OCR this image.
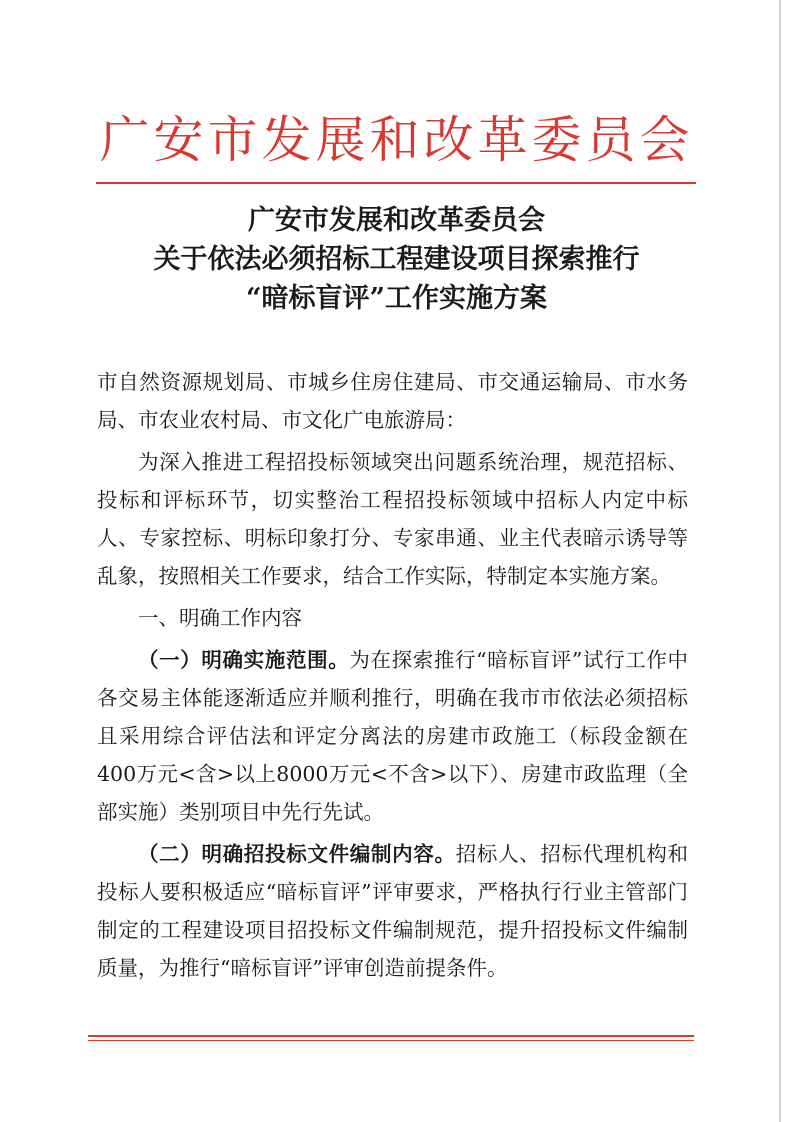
广安市发展和改革委员会
广安市发展和改革委员会
关于依法必须招标工程建设项目探索推行
“暗标盲评”工作实施方案

市自然资源规划局、市城乡住房住建局、市交通运输局、市水务局、市农业农村局、市文化广电旅游局：

为深入推进工程招投标领域突出问题系统治理，规范招标、投标和评标环节，切实整治工程招投标领域中招标人内定中标人、专家控标、明标印象打分、专家串通、业主代表暗示诱导等乱象，按照相关工作要求，结合工作实际，特制定本实施方案。

一、明确工作内容

（一）明确实施范围。为在探索推行“暗标盲评”试行工作中各交易主体能逐渐适应并顺利推行，明确在我市市依法必须招标且采用综合评估法和评定分离法的房建市政施工（标段金额在400万元<含>以上8000万元<不含>以下）、房建市政监理（全部实施）类别项目中先行先试。

（二）明确招投标文件编制内容。招标人、招标代理机构和投标人要积极适应“暗标盲评”评审要求，严格执行行业主管部门制定的工程建设项目招投标文件编制规范，提升招投标文件编制质量，为推行“暗标盲评”评审创造前提条件。
